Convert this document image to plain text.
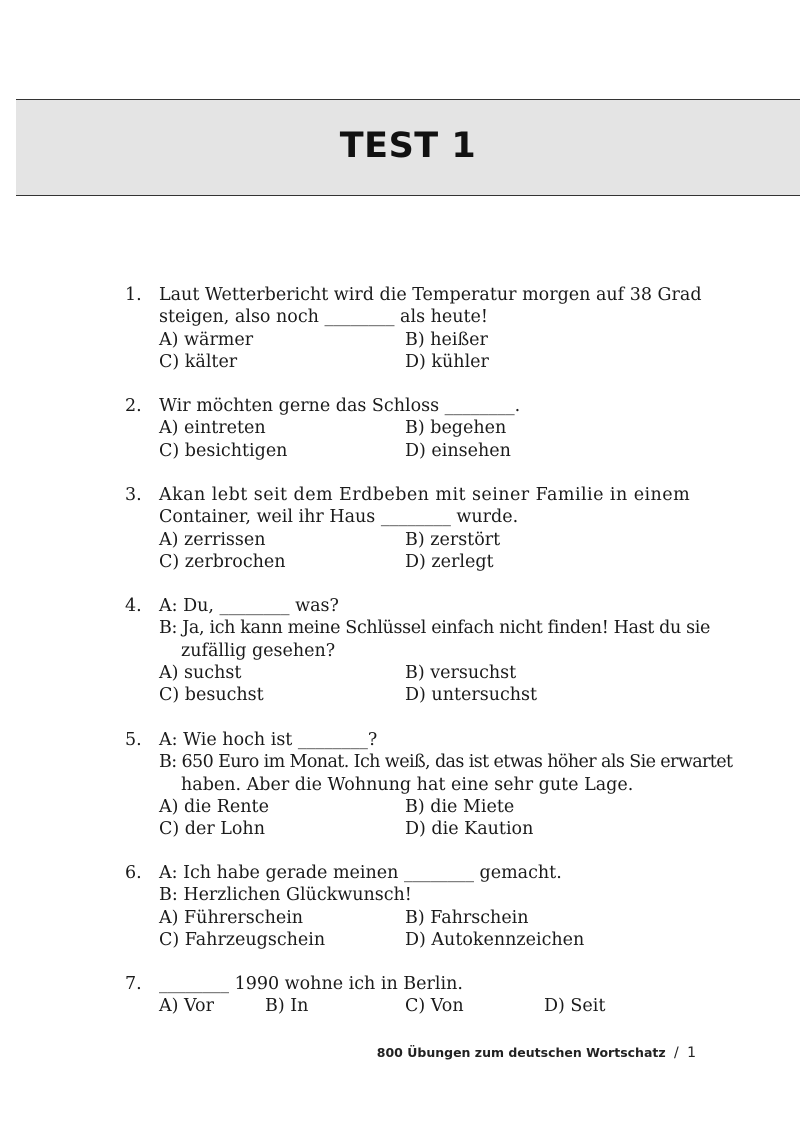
TEST 1
1. Laut Wetterbericht wird die Temperatur morgen auf 38 Grad
steigen, also noch ________ als heute!
A) wärmer	B) heißer
C) kälter	D) kühler
2. Wir möchten gerne das Schloss ________.
A) eintreten	B) begehen
C) besichtigen	D) einsehen
3. Akan lebt seit dem Erdbeben mit seiner Familie in einem
Container, weil ihr Haus ________ wurde.
A) zerrissen	B) zerstört
C) zerbrochen	D) zerlegt
4. A: Du, ________ was?
B: Ja, ich kann meine Schlüssel einfach nicht finden! Hast du sie
zufällig gesehen?
A) suchst	B) versuchst
C) besuchst	D) untersuchst
5. A: Wie hoch ist ________?
B: 650 Euro im Monat. Ich weiß, das ist etwas höher als Sie erwartet
haben. Aber die Wohnung hat eine sehr gute Lage.
A) die Rente	B) die Miete
C) der Lohn	D) die Kaution
6. A: Ich habe gerade meinen ________ gemacht.
B: Herzlichen Glückwunsch!
A) Führerschein	B) Fahrschein
C) Fahrzeugschein	D) Autokennzeichen
7. ________ 1990 wohne ich in Berlin.
A) Vor	B) In	C) Von	D) Seit
800 Übungen zum deutschen Wortschatz / 1
